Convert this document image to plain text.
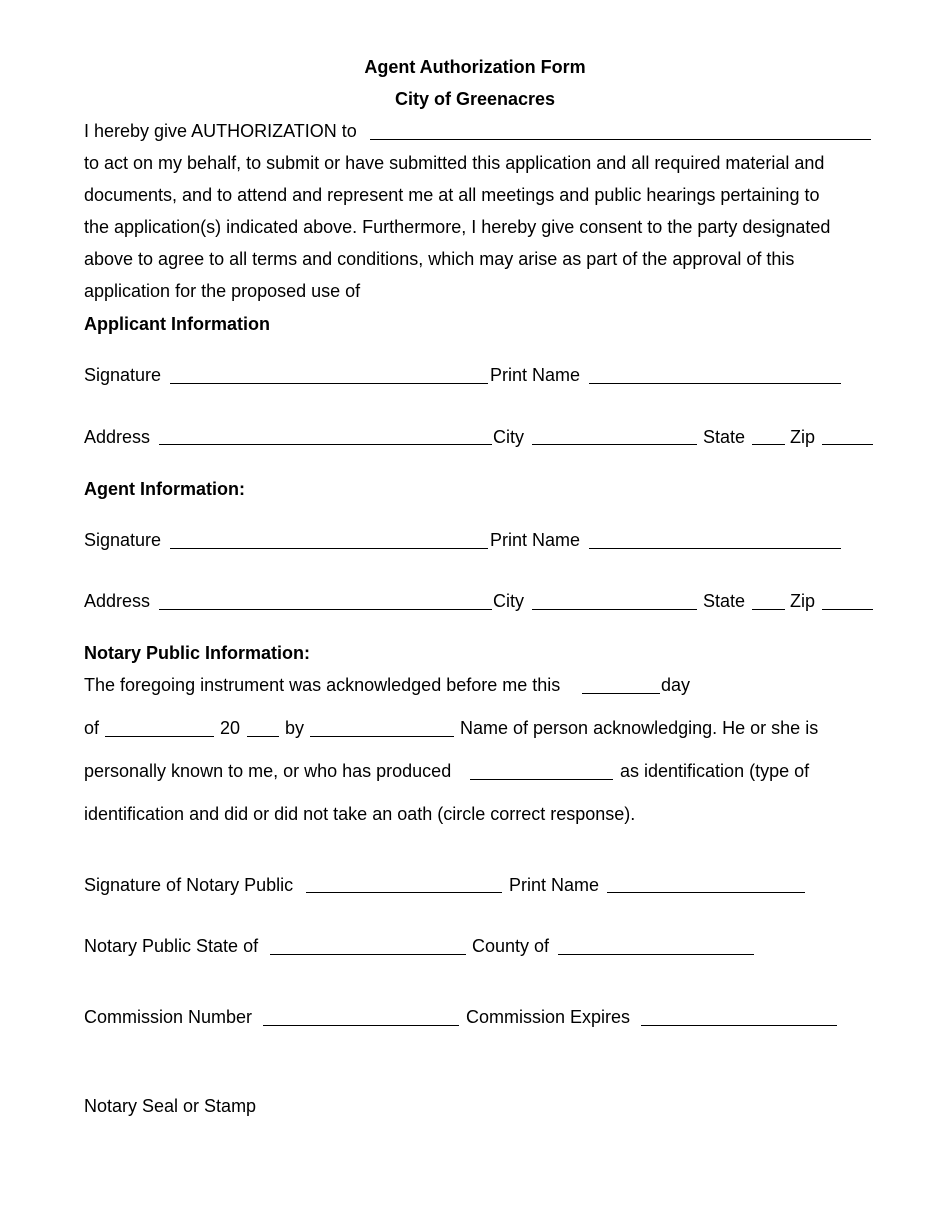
Agent Authorization Form
City of Greenacres
I hereby give AUTHORIZATION to
to act on my behalf, to submit or have submitted this application and all required material and
documents, and to attend and represent me at all meetings and public hearings pertaining to
the application(s) indicated above. Furthermore, I hereby give consent to the party designated
above to agree to all terms and conditions, which may arise as part of the approval of this
application for the proposed use of
Applicant Information
Signature	Print Name
Address	City	State Zip
Agent Information:
Signature	Print Name
Address	City	State Zip
Notary Public Information:
The foregoing instrument was acknowledged before me this	day
of	20 by	Name of person acknowledging. He or she is
personally known to me, or who has produced	as identification (type of
identification and did or did not take an oath (circle correct response).
Signature of Notary Public	Print Name
Notary Public State of	County of
Commission Number	Commission Expires
Notary Seal or Stamp
